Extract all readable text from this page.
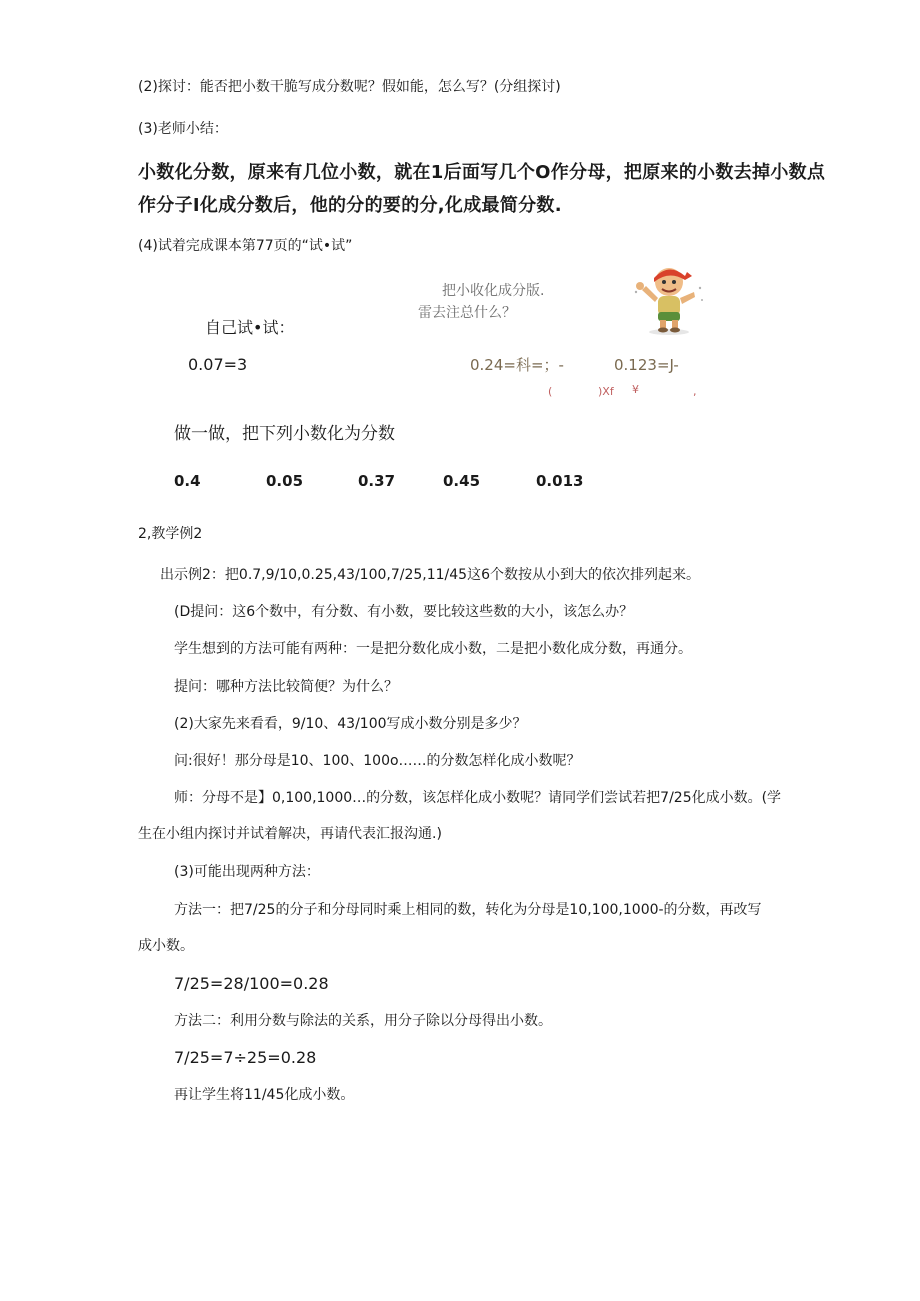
(2)探讨：能否把小数干脆写成分数呢？假如能，怎么写？(分组探讨)
(3)老师小结：
小数化分数，原来有几位小数，就在1后面写几个O作分母，把原来的小数去掉小数点
作分子I化成分数后，他的分的要的分,化成最简分数.
(4)试着完成课本第77页的“试•试”
把小收化成分版.
雷去注总什么？
自己试•试：
0.07=3	0.24=科=；-	0.123=J-
(	)Xf ¥	,
做一做，把下列小数化为分数
0.4	0.05	0.37	0.45	0.013
2,教学例2
出示例2：把0.7,9/10,0.25,43/100,7/25,11/45这6个数按从小到大的依次排列起来。
(D提问：这6个数中，有分数、有小数，要比较这些数的大小，该怎么办？
学生想到的方法可能有两种：一是把分数化成小数，二是把小数化成分数，再通分。
提问：哪种方法比较简便？为什么？
(2)大家先来看看，9/10、43/100写成小数分别是多少？
问:很好！那分母是10、100、100o……的分数怎样化成小数呢？
师：分母不是】0,100,1000…的分数，该怎样化成小数呢？请同学们尝试若把7/25化成小数。(学
生在小组内探讨并试着解决，再请代表汇报沟通.)
(3)可能出现两种方法：
方法一：把7/25的分子和分母同时乘上相同的数，转化为分母是10,100,1000-的分数，再改写
成小数。
7/25=28/100=0.28
方法二：利用分数与除法的关系，用分子除以分母得出小数。
7/25=7÷25=0.28
再让学生将11/45化成小数。
